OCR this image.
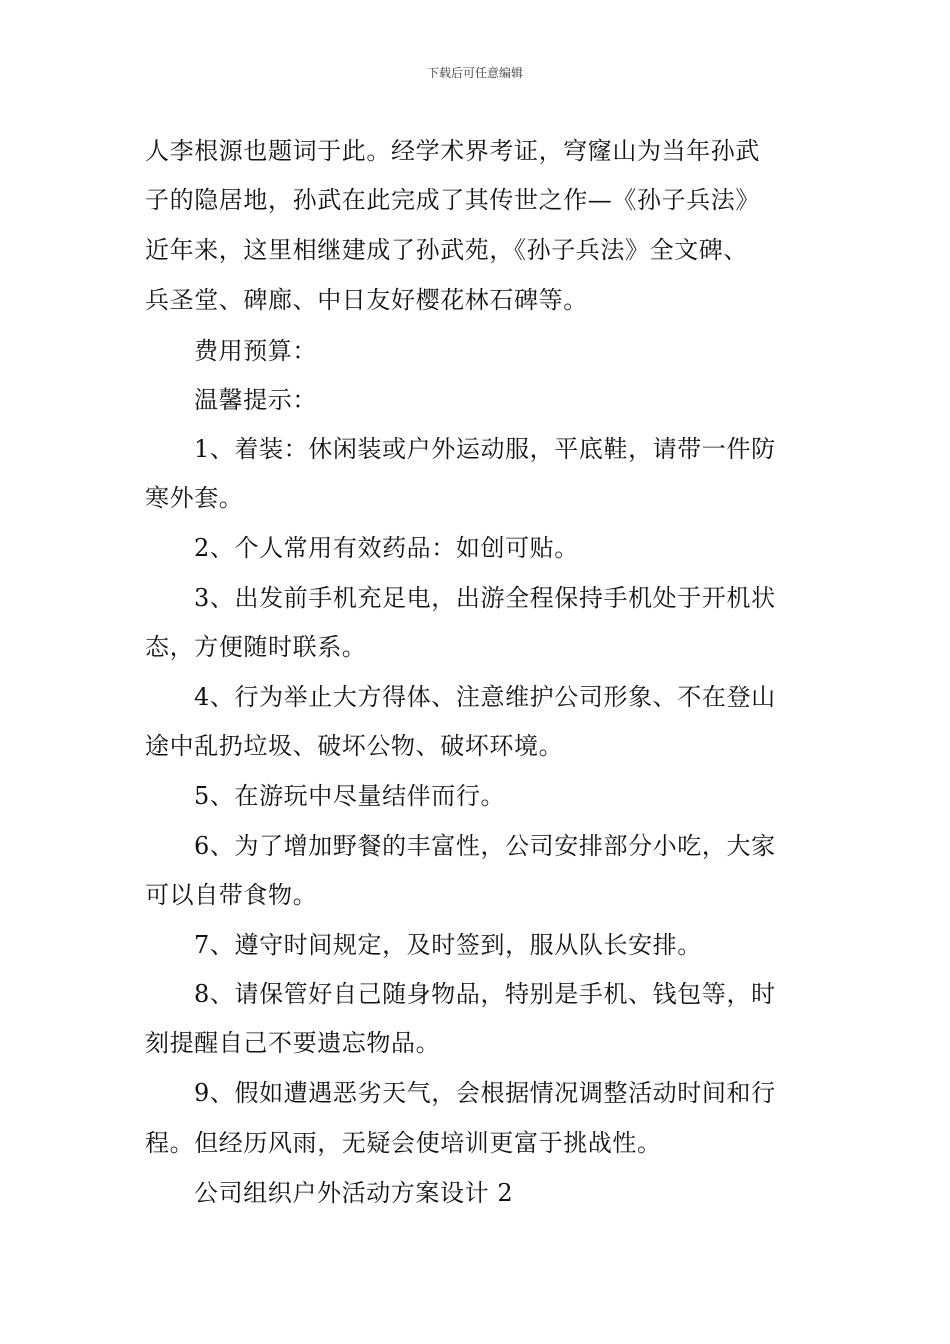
下载后可任意编辑
人李根源也题词于此。经学术界考证，穹窿山为当年孙武
子的隐居地，孙武在此完成了其传世之作—《孙子兵法》
近年来，这里相继建成了孙武苑，《孙子兵法》全文碑、
兵圣堂、碑廊、中日友好樱花林石碑等。
费用预算：
温馨提示：
1、着装：休闲装或户外运动服，平底鞋，请带一件防
寒外套。
2、个人常用有效药品：如创可贴。
3、出发前手机充足电，出游全程保持手机处于开机状
态，方便随时联系。
4、行为举止大方得体、注意维护公司形象、不在登山
途中乱扔垃圾、破坏公物、破坏环境。
5、在游玩中尽量结伴而行。
6、为了增加野餐的丰富性，公司安排部分小吃，大家
可以自带食物。
7、遵守时间规定，及时签到，服从队长安排。
8、请保管好自己随身物品，特别是手机、钱包等，时
刻提醒自己不要遗忘物品。
9、假如遭遇恶劣天气，会根据情况调整活动时间和行
程。但经历风雨，无疑会使培训更富于挑战性。
公司组织户外活动方案设计 2
